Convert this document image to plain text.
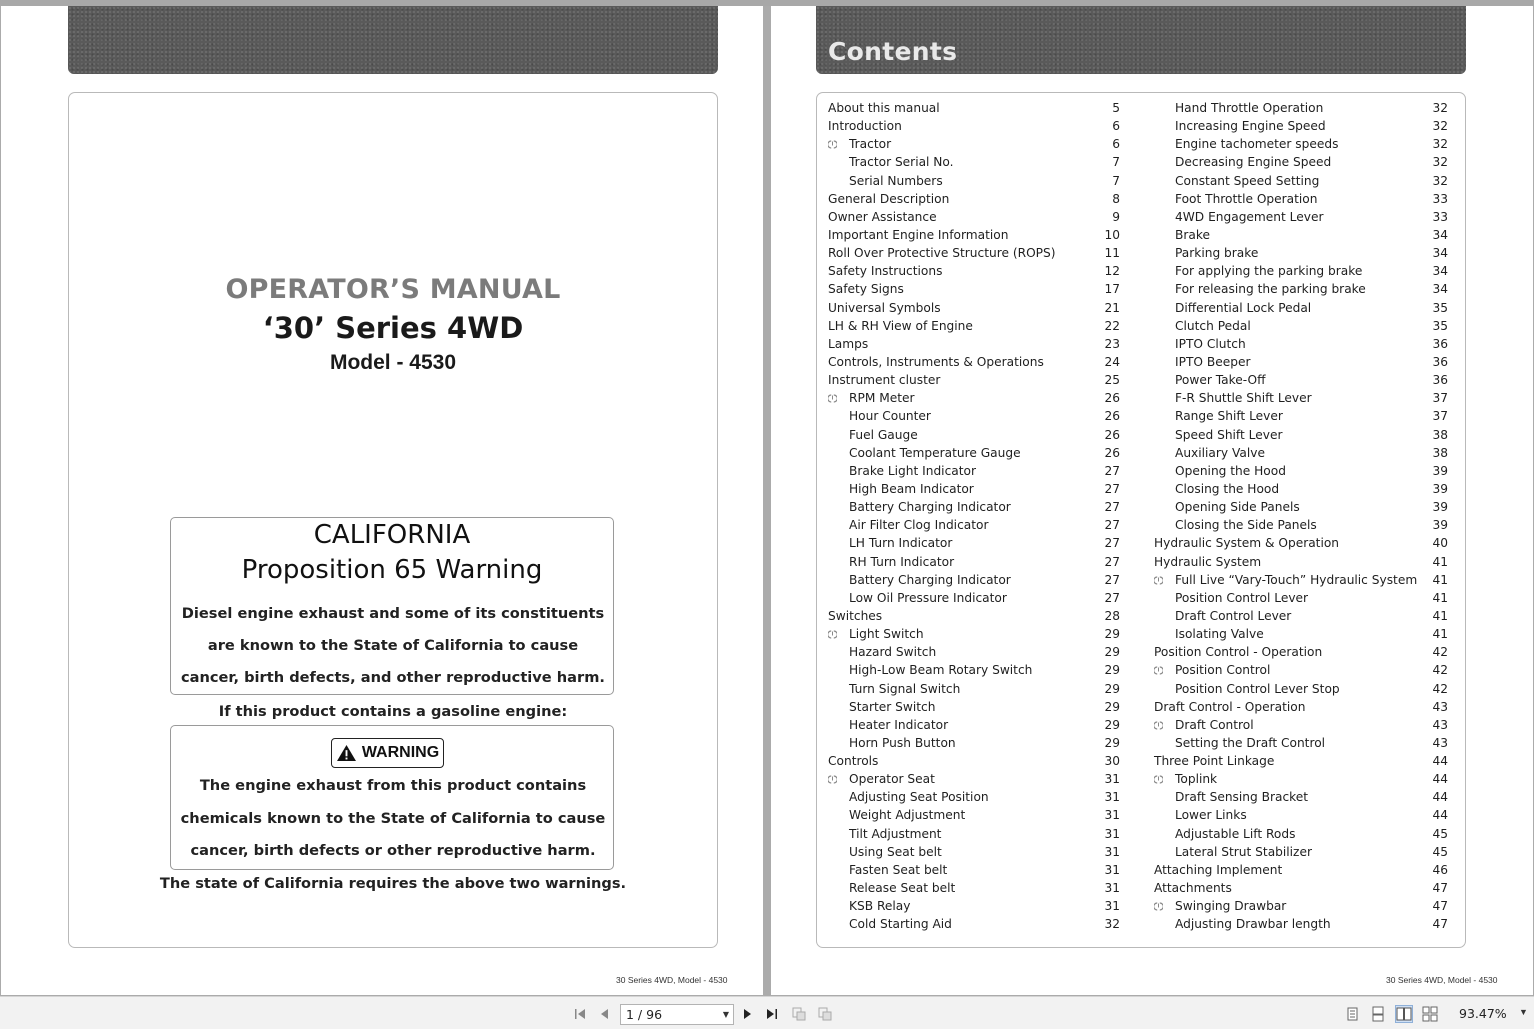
OPERATOR’S MANUAL
‘30’ Series 4WD
Model - 4530
CALIFORNIA
Proposition 65 Warning
Diesel engine exhaust and some of its constituents are known to the State of California to cause cancer, birth defects, and other reproductive harm.
If this product contains a gasoline engine:
WARNING
The engine exhaust from this product contains chemicals known to the State of California to cause cancer, birth defects or other reproductive harm.
The state of California requires the above two warnings.
30 Series 4WD, Model - 4530
Contents
About this manual	5
Introduction	6
Tractor	6
Tractor Serial No.	7
Serial Numbers	7
General Description	8
Owner Assistance	9
Important Engine Information	10
Roll Over Protective Structure (ROPS)	11
Safety Instructions	12
Safety Signs	17
Universal Symbols	21
LH & RH View of Engine	22
Lamps	23
Controls, Instruments & Operations	24
Instrument cluster	25
RPM Meter	26
Hour Counter	26
Fuel Gauge	26
Coolant Temperature Gauge	26
Brake Light Indicator	27
High Beam Indicator	27
Battery Charging Indicator	27
Air Filter Clog Indicator	27
LH Turn Indicator	27
RH Turn Indicator	27
Battery Charging Indicator	27
Low Oil Pressure Indicator	27
Switches	28
Light Switch	29
Hazard Switch	29
High-Low Beam Rotary Switch	29
Turn Signal Switch	29
Starter Switch	29
Heater Indicator	29
Horn Push Button	29
Controls	30
Operator Seat	31
Adjusting Seat Position	31
Weight Adjustment	31
Tilt Adjustment	31
Using Seat belt	31
Fasten Seat belt	31
Release Seat belt	31
KSB Relay	31
Cold Starting Aid	32
Hand Throttle Operation	32
Increasing Engine Speed	32
Engine tachometer speeds	32
Decreasing Engine Speed	32
Constant Speed Setting	32
Foot Throttle Operation	33
4WD Engagement Lever	33
Brake	34
Parking brake	34
For applying the parking brake	34
For releasing the parking brake	34
Differential Lock Pedal	35
Clutch Pedal	35
IPTO Clutch	36
IPTO Beeper	36
Power Take-Off	36
F-R Shuttle Shift Lever	37
Range Shift Lever	37
Speed Shift Lever	38
Auxiliary Valve	38
Opening the Hood	39
Closing the Hood	39
Opening Side Panels	39
Closing the Side Panels	39
Hydraulic System & Operation	40
Hydraulic System	41
Full Live “Vary-Touch” Hydraulic System 41
Position Control Lever	41
Draft Control Lever	41
Isolating Valve	41
Position Control - Operation	42
Position Control	42
Position Control Lever Stop	42
Draft Control - Operation	43
Draft Control	43
Setting the Draft Control	43
Three Point Linkage	44
Toplink	44
Draft Sensing Bracket	44
Lower Links	44
Adjustable Lift Rods	45
Lateral Strut Stabilizer	45
Attaching Implement	46
Attachments	47
Swinging Drawbar	47
Adjusting Drawbar length	47
30 Series 4WD, Model - 4530
1 / 96	▼	93.47% ▼
